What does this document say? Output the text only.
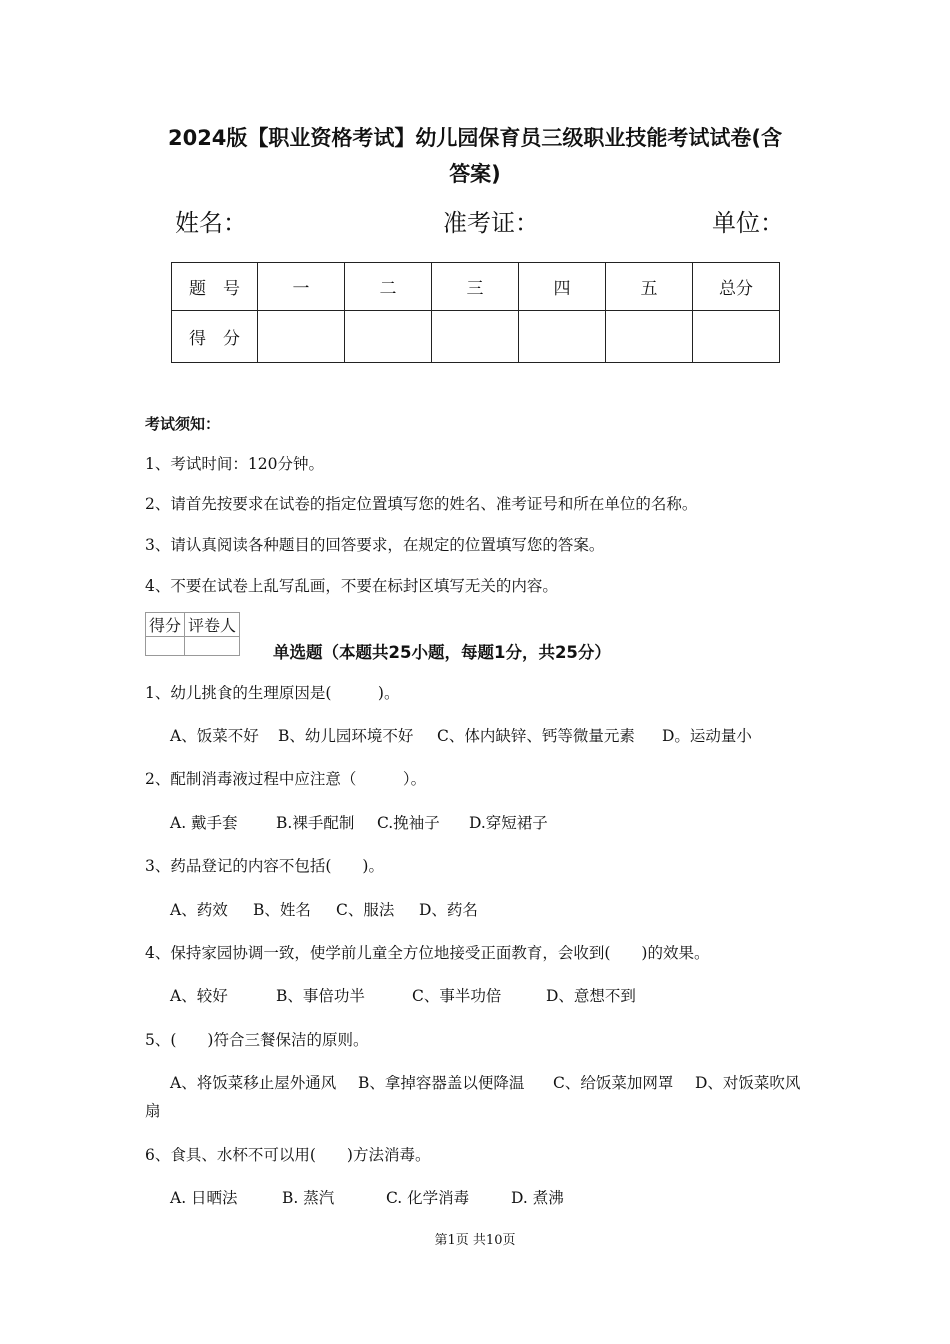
2024版【职业资格考试】幼儿园保育员三级职业技能考试试卷(含
答案)
姓名：	准考证：	单位：
题　号	一	二	三	四	五	总分
得　分						
考试须知：
1、考试时间：120分钟。
2、请首先按要求在试卷的指定位置填写您的姓名、准考证号和所在单位的名称。
3、请认真阅读各种题目的回答要求，在规定的位置填写您的答案。
4、不要在试卷上乱写乱画，不要在标封区填写无关的内容。
得分	评卷人

单选题（本题共25小题，每题1分，共25分）
1、幼儿挑食的生理原因是(　　　)。
A、饭菜不好 B、幼儿园环境不好 C、体内缺锌、钙等微量元素 D。运动量小
2、配制消毒液过程中应注意（　　　）。
A. 戴手套 B.裸手配制 C.挽袖子 D.穿短裙子
3、药品登记的内容不包括(　　)。
A、药效 B、姓名 C、服法 D、药名
4、保持家园协调一致，使学前儿童全方位地接受正面教育，会收到(　　)的效果。
A、较好	B、事倍功半	C、事半功倍	D、意想不到
5、(　　)符合三餐保洁的原则。
A、将饭菜移止屋外通风 B、拿掉容器盖以便降温 C、给饭菜加网罩 D、对饭菜吹风
扇
6、食具、水杯不可以用(　　)方法消毒。
A. 日晒法	B. 蒸汽	C. 化学消毒	D. 煮沸
第1页 共10页
